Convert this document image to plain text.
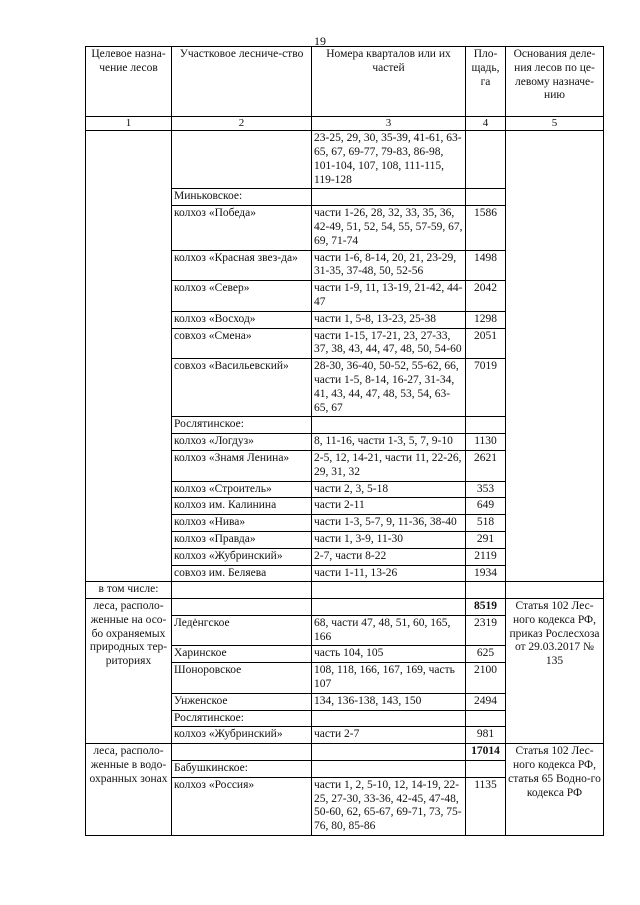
19
Целевое назна-чение лесов	Участковое лесниче-ство	Номера кварталов или их частей	Пло-щадь, га	Основания деле-ния лесов по це-левому назначе-нию
1	2	3	4	5
		23-25, 29, 30, 35-39, 41-61, 63-65, 67, 69-77, 79-83, 86-98, 101-104, 107, 108, 111-115, 119-128		
	Миньковское:			
	колхоз «Победа»	части 1-26, 28, 32, 33, 35, 36, 42-49, 51, 52, 54, 55, 57-59, 67, 69, 71-74	1586	
	колхоз «Красная звез-да»	части 1-6, 8-14, 20, 21, 23-29, 31-35, 37-48, 50, 52-56	1498	
	колхоз «Север»	части 1-9, 11, 13-19, 21-42, 44-47	2042	
	колхоз «Восход»	части 1, 5-8, 13-23, 25-38	1298	
	совхоз «Смена»	части 1-15, 17-21, 23, 27-33, 37, 38, 43, 44, 47, 48, 50, 54-60	2051	
	совхоз «Васильевский»	28-30, 36-40, 50-52, 55-62, 66, части 1-5, 8-14, 16-27, 31-34, 41, 43, 44, 47, 48, 53, 54, 63-65, 67	7019	
	Рослятинское:			
	колхоз «Логдуз»	8, 11-16, части 1-3, 5, 7, 9-10	1130	
	колхоз «Знамя Ленина»	2-5, 12, 14-21, части 11, 22-26, 29, 31, 32	2621	
	колхоз «Строитель»	части 2, 3, 5-18	353	
	колхоз им. Калинина	части 2-11	649	
	колхоз «Нива»	части 1-3, 5-7, 9, 11-36, 38-40	518	
	колхоз «Правда»	части 1, 3-9, 11-30	291	
	колхоз «Жубринский»	2-7, части 8-22	2119	
	совхоз им. Беляева	части 1-11, 13-26	1934	
в том числе:				
леса, располо-женные на осо-бо охраняемых природных тер-риториях			8519	Статья 102 Лес-ного кодекса РФ, приказ Рослесхоза от 29.03.2017 № 135
	Ледėнгское	68, части 47, 48, 51, 60, 165, 166	2319	
	Харинское	часть 104, 105	625	
	Шоноровское	108, 118, 166, 167, 169, часть 107	2100	
	Унженское	134, 136-138, 143, 150	2494	
	Рослятинское:			
	колхоз «Жубринский»	части 2-7	981	
леса, располо-женные в водо-охранных зонах			17014	Статья 102 Лес-ного кодекса РФ, статья 65 Водно-го кодекса РФ
	Бабушкинское:			
	колхоз «Россия»	части 1, 2, 5-10, 12, 14-19, 22-25, 27-30, 33-36, 42-45, 47-48, 50-60, 62, 65-67, 69-71, 73, 75-76, 80, 85-86	1135	
